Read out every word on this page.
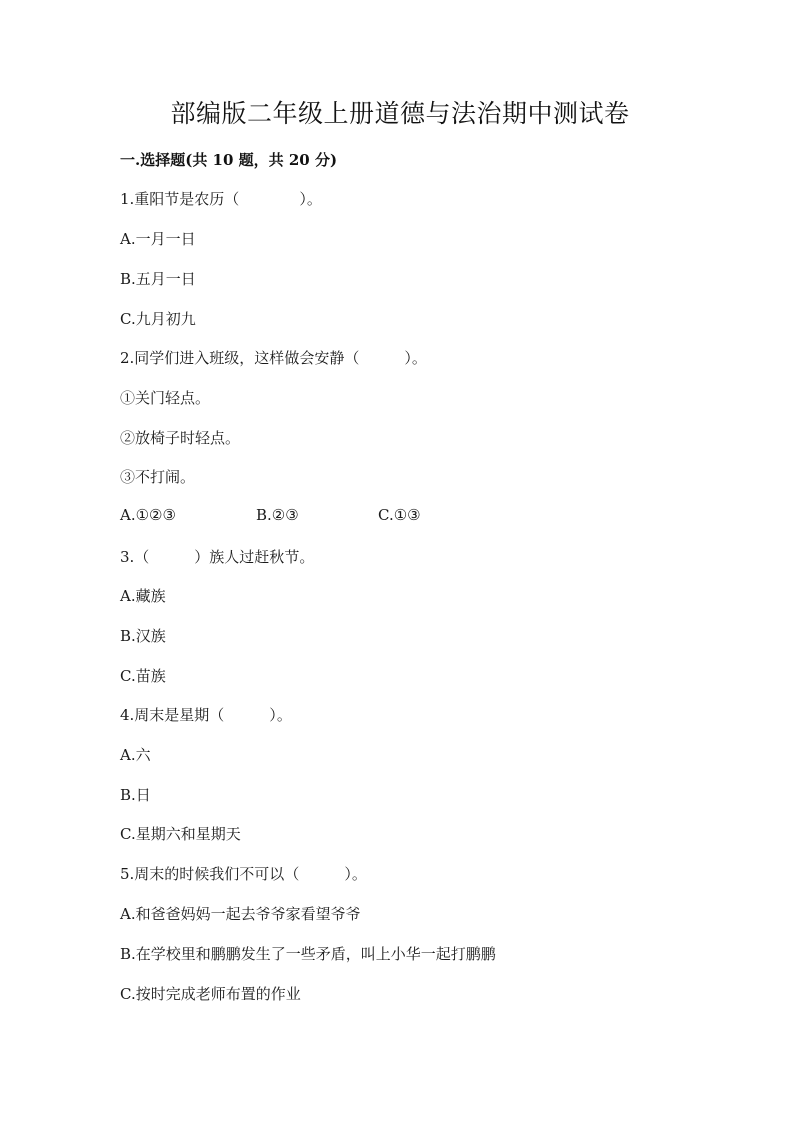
部编版二年级上册道德与法治期中测试卷
一.选择题(共 10 题，共 20 分)
1.重阳节是农历（　　　　）。
A.一月一日
B.五月一日
C.九月初九
2.同学们进入班级，这样做会安静（　　　）。
①关门轻点。
②放椅子时轻点。
③不打闹。
A.①②③	B.②③	C.①③
3.（　　　）族人过赶秋节。
A.藏族
B.汉族
C.苗族
4.周末是星期（　　　）。
A.六
B.日
C.星期六和星期天
5.周末的时候我们不可以（　　　）。
A.和爸爸妈妈一起去爷爷家看望爷爷
B.在学校里和鹏鹏发生了一些矛盾，叫上小华一起打鹏鹏
C.按时完成老师布置的作业
